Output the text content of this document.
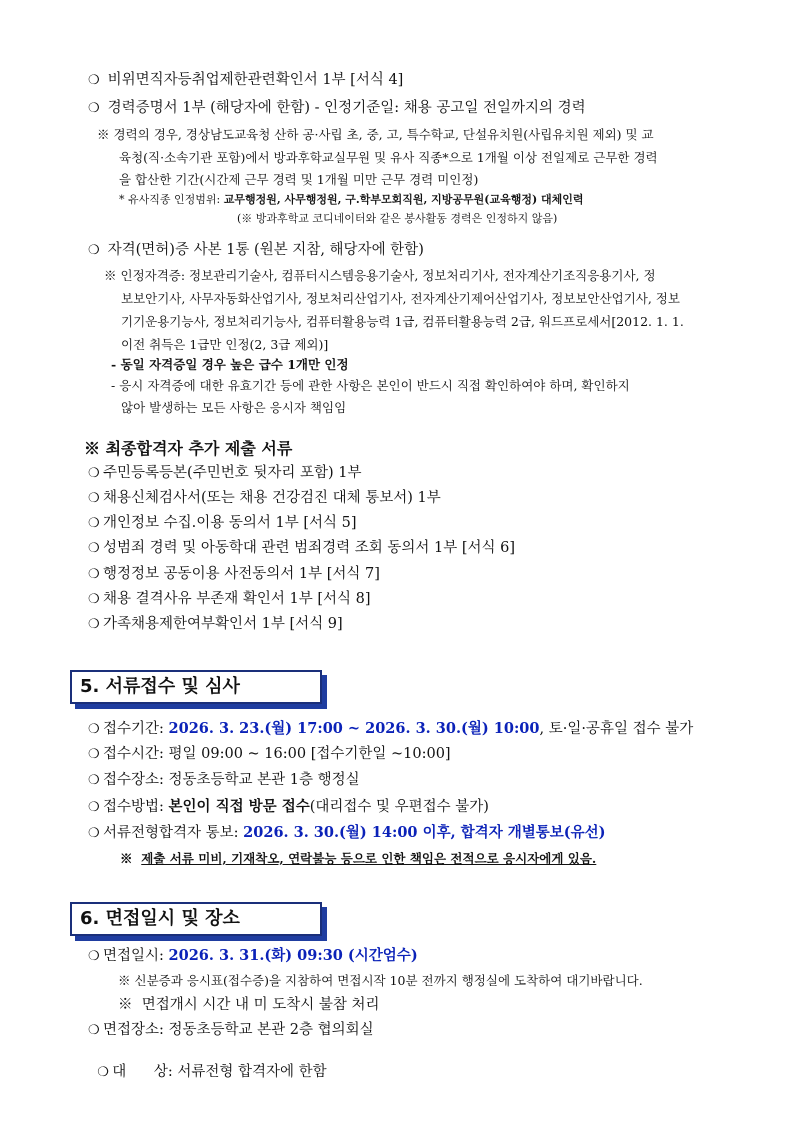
❍ 비위면직자등취업제한관련확인서 1부 [서식 4]
❍ 경력증명서 1부 (해당자에 한함) - 인정기준일: 채용 공고일 전일까지의 경력
※ 경력의 경우, 경상남도교육청 산하 공·사립 초, 중, 고, 특수학교, 단설유치원(사립유치원 제외) 및 교
육청(직·소속기관 포함)에서 방과후학교실무원 및 유사 직종*으로 1개월 이상 전일제로 근무한 경력
을 합산한 기간(시간제 근무 경력 및 1개월 미만 근무 경력 미인정)
* 유사직종 인정범위: 교무행정원, 사무행정원, 구.학부모회직원, 지방공무원(교육행정) 대체인력
(※ 방과후학교 코디네이터와 같은 봉사활동 경력은 인정하지 않음)
❍ 자격(면허)증 사본 1통 (원본 지참, 해당자에 한함)
※ 인정자격증: 정보관리기술사, 컴퓨터시스템응용기술사, 정보처리기사, 전자계산기조직응용기사, 정
보보안기사, 사무자동화산업기사, 정보처리산업기사, 전자계산기제어산업기사, 정보보안산업기사, 정보
기기운용기능사, 정보처리기능사, 컴퓨터활용능력 1급, 컴퓨터활용능력 2급, 워드프로세서[2012. 1. 1.
이전 취득은 1급만 인정(2, 3급 제외)]
- 동일 자격증일 경우 높은 급수 1개만 인정
- 응시 자격증에 대한 유효기간 등에 관한 사항은 본인이 반드시 직접 확인하여야 하며, 확인하지
않아 발생하는 모든 사항은 응시자 책임임
※ 최종합격자 추가 제출 서류
❍ 주민등록등본(주민번호 뒷자리 포함) 1부
❍ 채용신체검사서(또는 채용 건강검진 대체 통보서) 1부
❍ 개인정보 수집.이용 동의서 1부 [서식 5]
❍ 성범죄 경력 및 아동학대 관련 범죄경력 조회 동의서 1부 [서식 6]
❍ 행정정보 공동이용 사전동의서 1부 [서식 7]
❍ 채용 결격사유 부존재 확인서 1부 [서식 8]
❍ 가족채용제한여부확인서 1부 [서식 9]
5. 서류접수 및 심사
❍ 접수기간: 2026. 3. 23.(월) 17:00 ~ 2026. 3. 30.(월) 10:00, 토·일·공휴일 접수 불가
❍ 접수시간: 평일 09:00 ~ 16:00 [접수기한일 ~10:00]
❍ 접수장소: 정동초등학교 본관 1층 행정실
❍ 접수방법: 본인이 직접 방문 접수(대리접수 및 우편접수 불가)
❍ 서류전형합격자 통보: 2026. 3. 30.(월) 14:00 이후, 합격자 개별통보(유선)
※ 제출 서류 미비, 기재착오, 연락불능 등으로 인한 책임은 전적으로 응시자에게 있음.
6. 면접일시 및 장소
❍ 면접일시: 2026. 3. 31.(화) 09:30 (시간엄수)
※ 신분증과 응시표(접수증)을 지참하여 면접시작 10분 전까지 행정실에 도착하여 대기바랍니다.
※ 면접개시 시간 내 미 도착시 불참 처리
❍ 면접장소: 정동초등학교 본관 2층 협의회실

❍ 대      상: 서류전형 합격자에 한함
